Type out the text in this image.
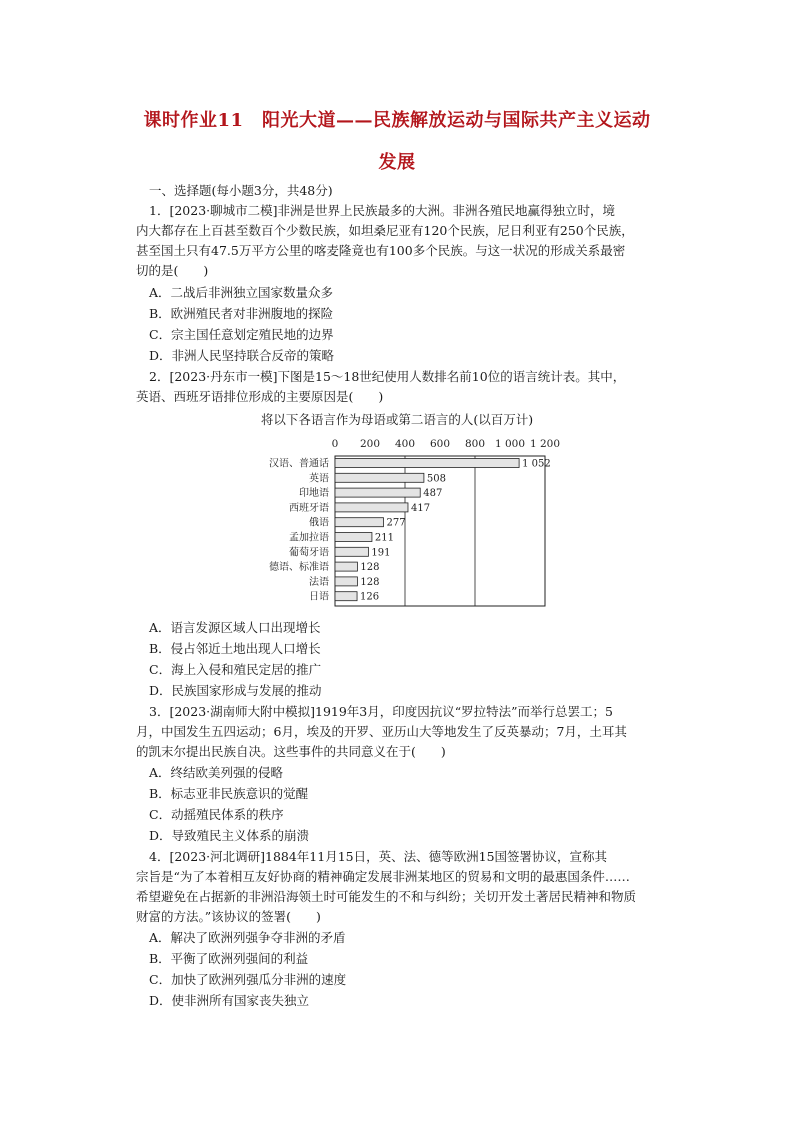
课时作业11　阳光大道——民族解放运动与国际共产主义运动
发展
一、选择题(每小题3分，共48分)
1．[2023·聊城市二模]非洲是世界上民族最多的大洲。非洲各殖民地赢得独立时，境
内大都存在上百甚至数百个少数民族，如坦桑尼亚有120个民族，尼日利亚有250个民族，
甚至国土只有47.5万平方公里的喀麦隆竟也有100多个民族。与这一状况的形成关系最密
切的是(　　)
A．二战后非洲独立国家数量众多
B．欧洲殖民者对非洲腹地的探险
C．宗主国任意划定殖民地的边界
D．非洲人民坚持联合反帝的策略
2．[2023·丹东市一模]下图是15～18世纪使用人数排名前10位的语言统计表。其中，
英语、西班牙语排位形成的主要原因是(　　)
将以下各语言作为母语或第二语言的人(以百万计)
0 200 400 600 800 1 000 1 200
汉语、普通话	1 052
英语	508
印地语	487
西班牙语	417
俄语	277
孟加拉语	211
葡萄牙语	191
德语、标准语	128
法语	128
日语	126
A．语言发源区域人口出现增长
B．侵占邻近土地出现人口增长
C．海上入侵和殖民定居的推广
D．民族国家形成与发展的推动
3．[2023·湖南师大附中模拟]1919年3月，印度因抗议“罗拉特法”而举行总罢工；5
月，中国发生五四运动；6月，埃及的开罗、亚历山大等地发生了反英暴动；7月，土耳其
的凯末尔提出民族自决。这些事件的共同意义在于(　　)
A．终结欧美列强的侵略
B．标志亚非民族意识的觉醒
C．动摇殖民体系的秩序
D．导致殖民主义体系的崩溃
4．[2023·河北调研]1884年11月15日，英、法、德等欧洲15国签署协议，宣称其
宗旨是“为了本着相互友好协商的精神确定发展非洲某地区的贸易和文明的最惠国条件……
希望避免在占据新的非洲沿海领土时可能发生的不和与纠纷；关切开发土著居民精神和物质
财富的方法。”该协议的签署(　　)
A．解决了欧洲列强争夺非洲的矛盾
B．平衡了欧洲列强间的利益
C．加快了欧洲列强瓜分非洲的速度
D．使非洲所有国家丧失独立
